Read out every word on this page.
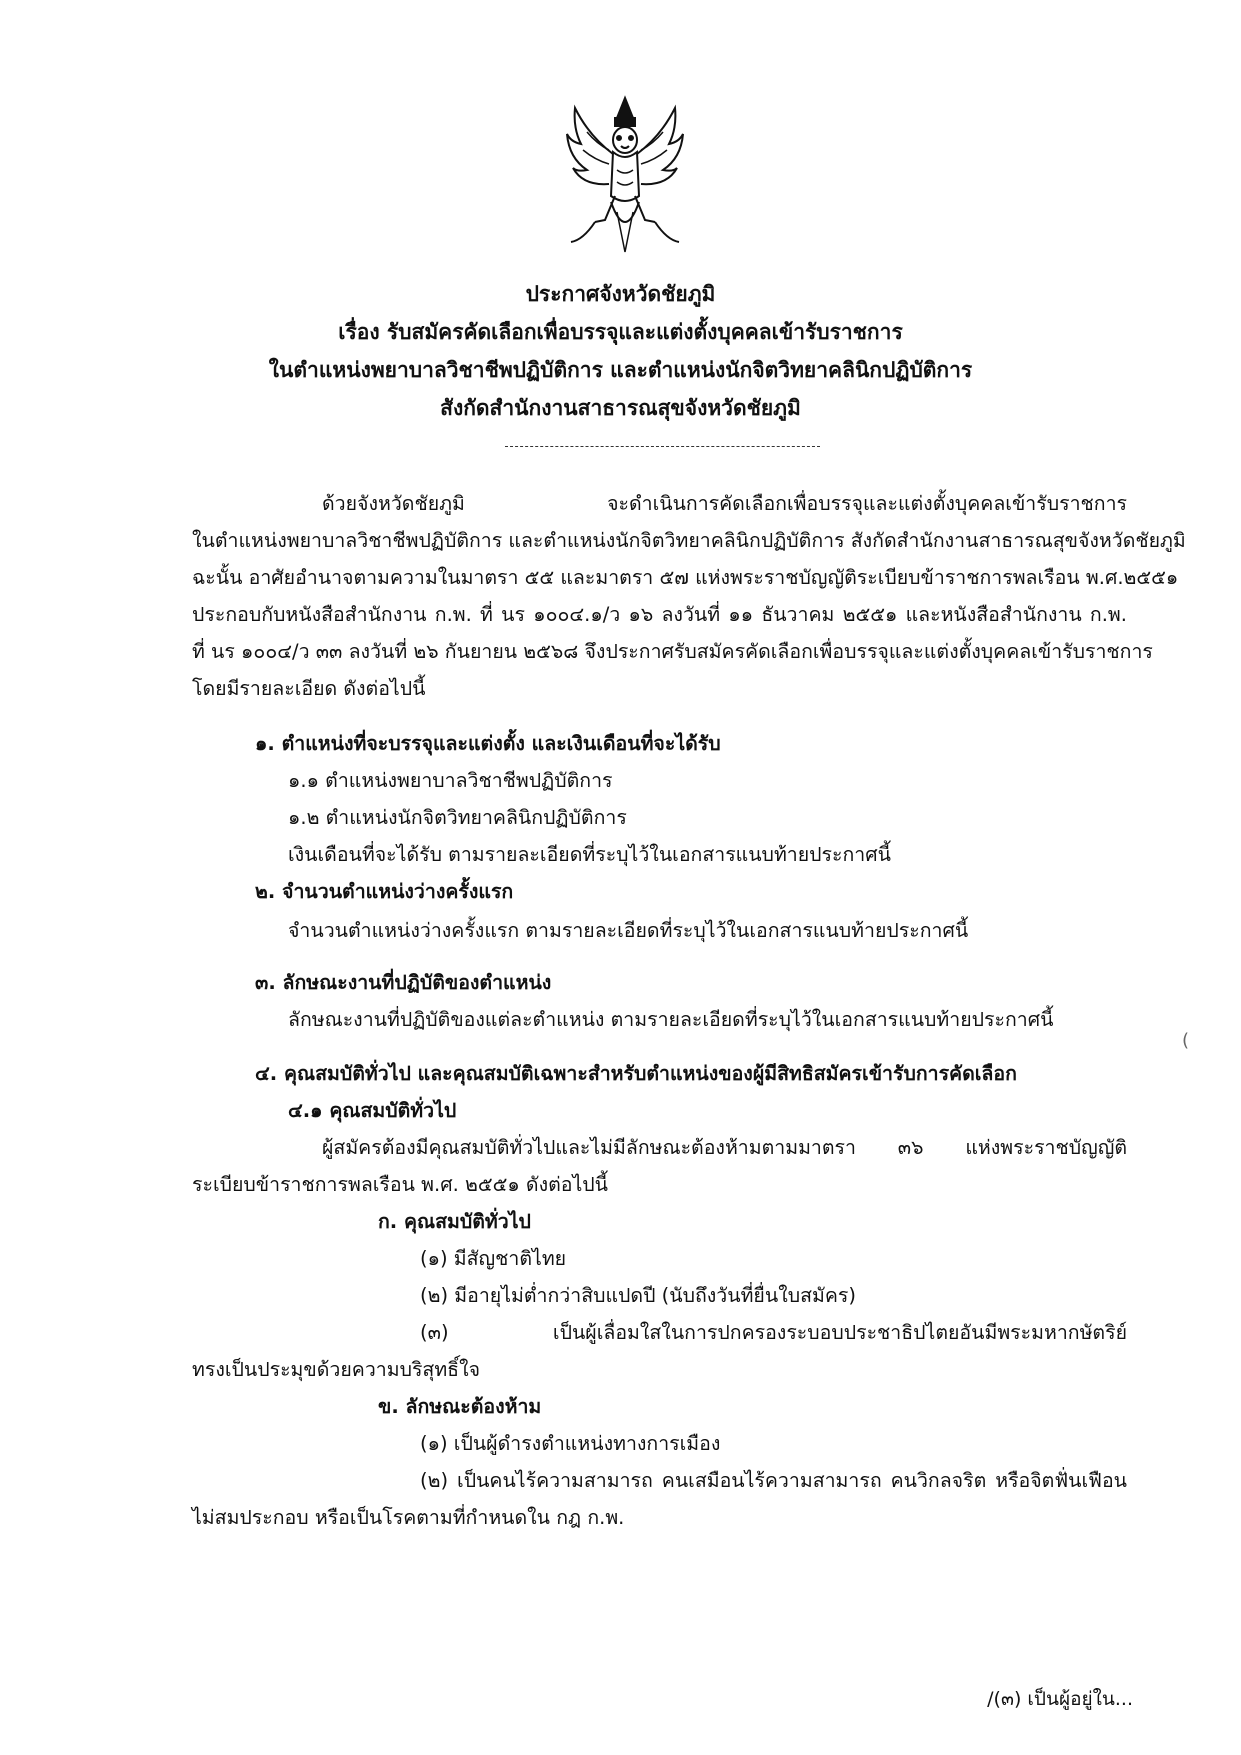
ประกาศจังหวัดชัยภูมิ
เรื่อง รับสมัครคัดเลือกเพื่อบรรจุและแต่งตั้งบุคคลเข้ารับราชการ
ในตำแหน่งพยาบาลวิชาชีพปฏิบัติการ และตำแหน่งนักจิตวิทยาคลินิกปฏิบัติการ
สังกัดสำนักงานสาธารณสุขจังหวัดชัยภูมิ
ด้วยจังหวัดชัยภูมิ จะดำเนินการคัดเลือกเพื่อบรรจุและแต่งตั้งบุคคลเข้ารับราชการ
ในตำแหน่งพยาบาลวิชาชีพปฏิบัติการ และตำแหน่งนักจิตวิทยาคลินิกปฏิบัติการ สังกัดสำนักงานสาธารณสุขจังหวัดชัยภูมิ
ฉะนั้น อาศัยอำนาจตามความในมาตรา ๕๕ และมาตรา ๕๗ แห่งพระราชบัญญัติระเบียบข้าราชการพลเรือน พ.ศ.๒๕๕๑
ประกอบกับหนังสือสำนักงาน ก.พ. ที่ นร ๑๐๐๔.๑/ว ๑๖ ลงวันที่ ๑๑ ธันวาคม ๒๕๕๑ และหนังสือสำนักงาน ก.พ.
ที่ นร ๑๐๐๔/ว ๓๓ ลงวันที่ ๒๖ กันยายน ๒๕๖๘ จึงประกาศรับสมัครคัดเลือกเพื่อบรรจุและแต่งตั้งบุคคลเข้ารับราชการ
โดยมีรายละเอียด ดังต่อไปนี้
๑. ตำแหน่งที่จะบรรจุและแต่งตั้ง และเงินเดือนที่จะได้รับ
๑.๑ ตำแหน่งพยาบาลวิชาชีพปฏิบัติการ
๑.๒ ตำแหน่งนักจิตวิทยาคลินิกปฏิบัติการ
เงินเดือนที่จะได้รับ ตามรายละเอียดที่ระบุไว้ในเอกสารแนบท้ายประกาศนี้
๒. จำนวนตำแหน่งว่างครั้งแรก
จำนวนตำแหน่งว่างครั้งแรก ตามรายละเอียดที่ระบุไว้ในเอกสารแนบท้ายประกาศนี้
๓. ลักษณะงานที่ปฏิบัติของตำแหน่ง
ลักษณะงานที่ปฏิบัติของแต่ละตำแหน่ง ตามรายละเอียดที่ระบุไว้ในเอกสารแนบท้ายประกาศนี้
๔. คุณสมบัติทั่วไป และคุณสมบัติเฉพาะสำหรับตำแหน่งของผู้มีสิทธิสมัครเข้ารับการคัดเลือก
๔.๑ คุณสมบัติทั่วไป
ผู้สมัครต้องมีคุณสมบัติทั่วไปและไม่มีลักษณะต้องห้ามตามมาตรา ๓๖ แห่งพระราชบัญญัติ
ระเบียบข้าราชการพลเรือน พ.ศ. ๒๕๕๑ ดังต่อไปนี้
ก. คุณสมบัติทั่วไป
(๑) มีสัญชาติไทย
(๒) มีอายุไม่ต่ำกว่าสิบแปดปี (นับถึงวันที่ยื่นใบสมัคร)
(๓) เป็นผู้เลื่อมใสในการปกครองระบอบประชาธิปไตยอันมีพระมหากษัตริย์
ทรงเป็นประมุขด้วยความบริสุทธิ์ใจ
ข. ลักษณะต้องห้าม
(๑) เป็นผู้ดำรงตำแหน่งทางการเมือง
(๒) เป็นคนไร้ความสามารถ คนเสมือนไร้ความสามารถ คนวิกลจริต หรือจิตฟั่นเฟือน
ไม่สมประกอบ หรือเป็นโรคตามที่กำหนดใน กฎ ก.พ.
/(๓) เป็นผู้อยู่ใน...
(
